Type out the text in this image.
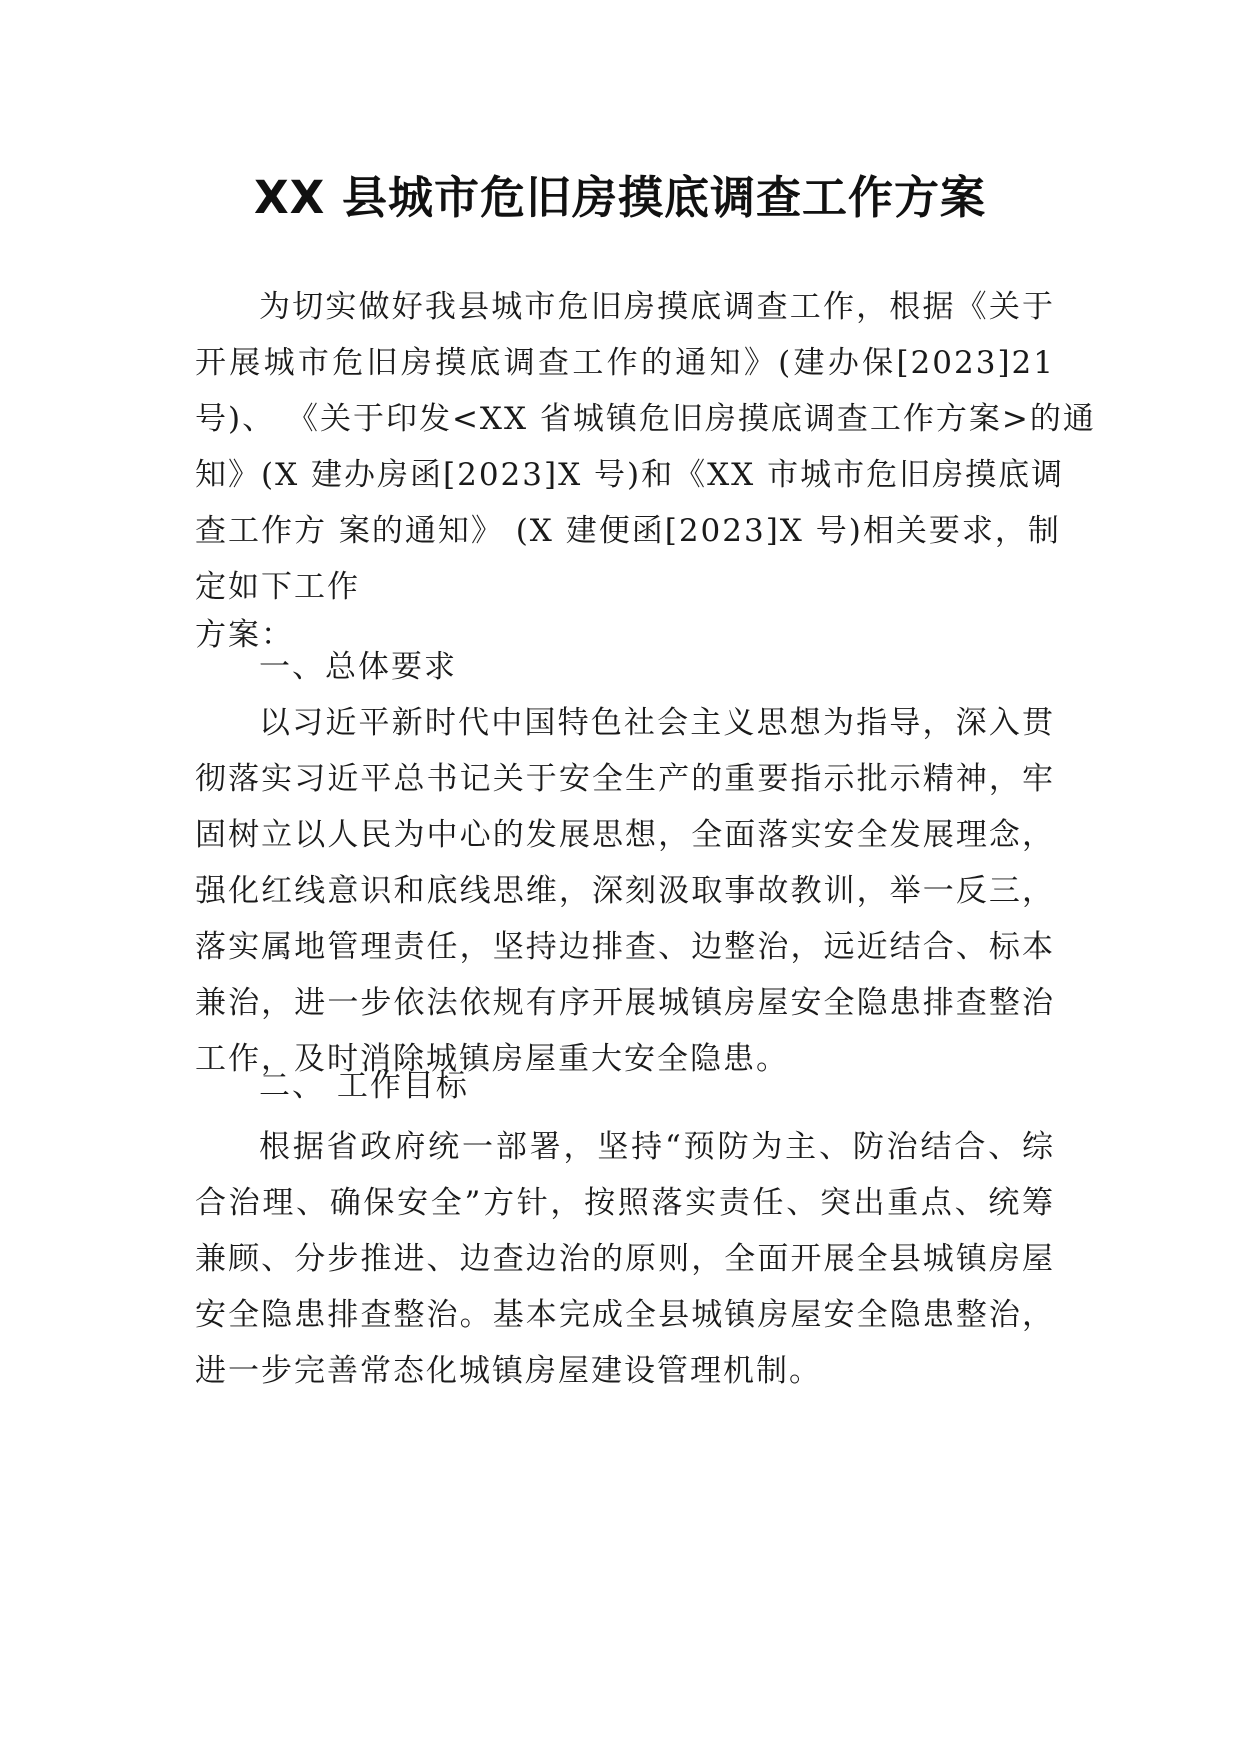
XX 县城市危旧房摸底调查工作方案
为切实做好我县城市危旧房摸底调查工作，根据《关于
开展城市危旧房摸底调查工作的通知》(建办保[2023]21
号)、 《关于印发<XX 省城镇危旧房摸底调查工作方案>的通
知》(X 建办房函[2023]X 号)和《XX 市城市危旧房摸底调
查工作方 案的通知》 (X 建便函[2023]X 号)相关要求，制
定如下工作
方案：
一、总体要求
以习近平新时代中国特色社会主义思想为指导，深入贯
彻落实习近平总书记关于安全生产的重要指示批示精神，牢
固树立以人民为中心的发展思想，全面落实安全发展理念，
强化红线意识和底线思维，深刻汲取事故教训，举一反三，
落实属地管理责任，坚持边排查、边整治，远近结合、标本
兼治，进一步依法依规有序开展城镇房屋安全隐患排查整治
工作，及时消除城镇房屋重大安全隐患。
二、 工作目标
根据省政府统一部署，坚持“预防为主、防治结合、综
合治理、确保安全”方针，按照落实责任、突出重点、统筹
兼顾、分步推进、边查边治的原则，全面开展全县城镇房屋
安全隐患排查整治。基本完成全县城镇房屋安全隐患整治，
进一步完善常态化城镇房屋建设管理机制。
